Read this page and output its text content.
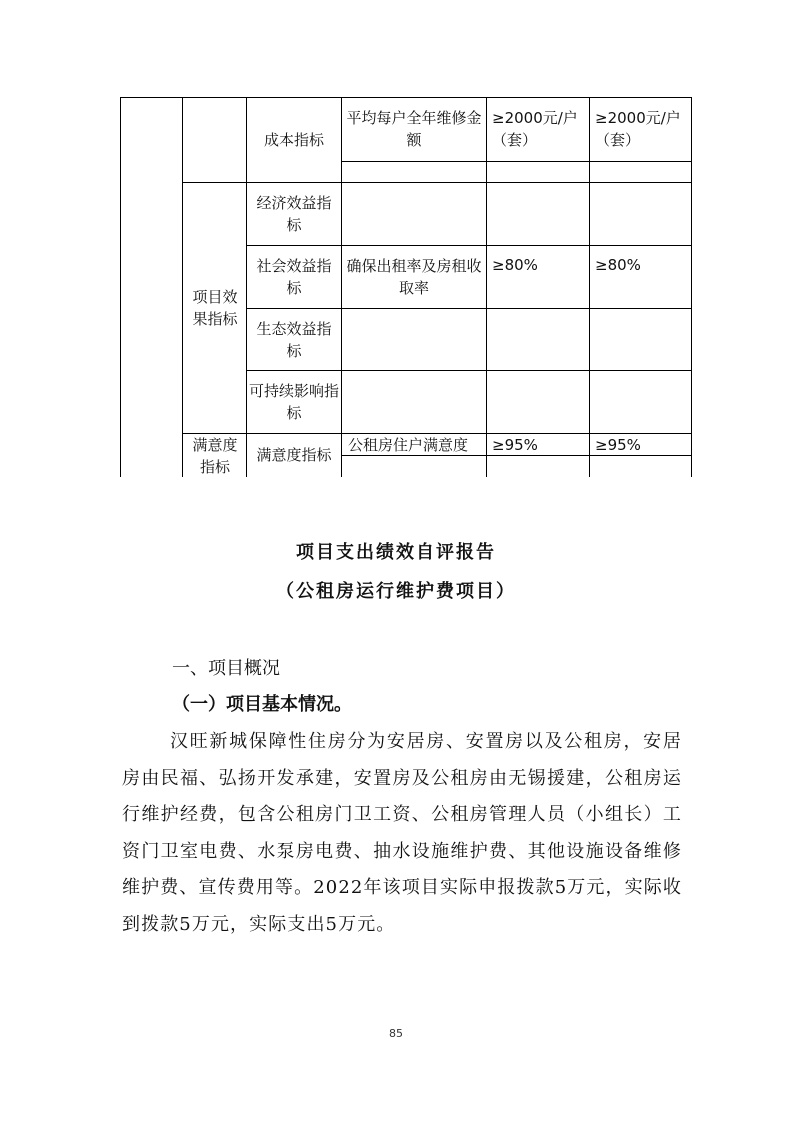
成本指标
平均每户全年维修金额
≥2000元/户（套）
≥2000元/户（套）
项目效果指标
经济效益指标
社会效益指标
确保出租率及房租收取率
≥80%	≥80%
生态效益指标
可持续影响指标
满意度指标
满意度指标
公租房住户满意度 ≥95%	≥95%
项目支出绩效自评报告
（公租房运行维护费项目）
一、项目概况
（一）项目基本情况。

汉旺新城保障性住房分为安居房、安置房以及公租房，安居房由民福、弘扬开发承建，安置房及公租房由无锡援建，公租房运行维护经费，包含公租房门卫工资、公租房管理人员（小组长）工资门卫室电费、水泵房电费、抽水设施维护费、其他设施设备维修维护费、宣传费用等。2022年该项目实际申报拨款5万元，实际收到拨款5万元，实际支出5万元。

85
